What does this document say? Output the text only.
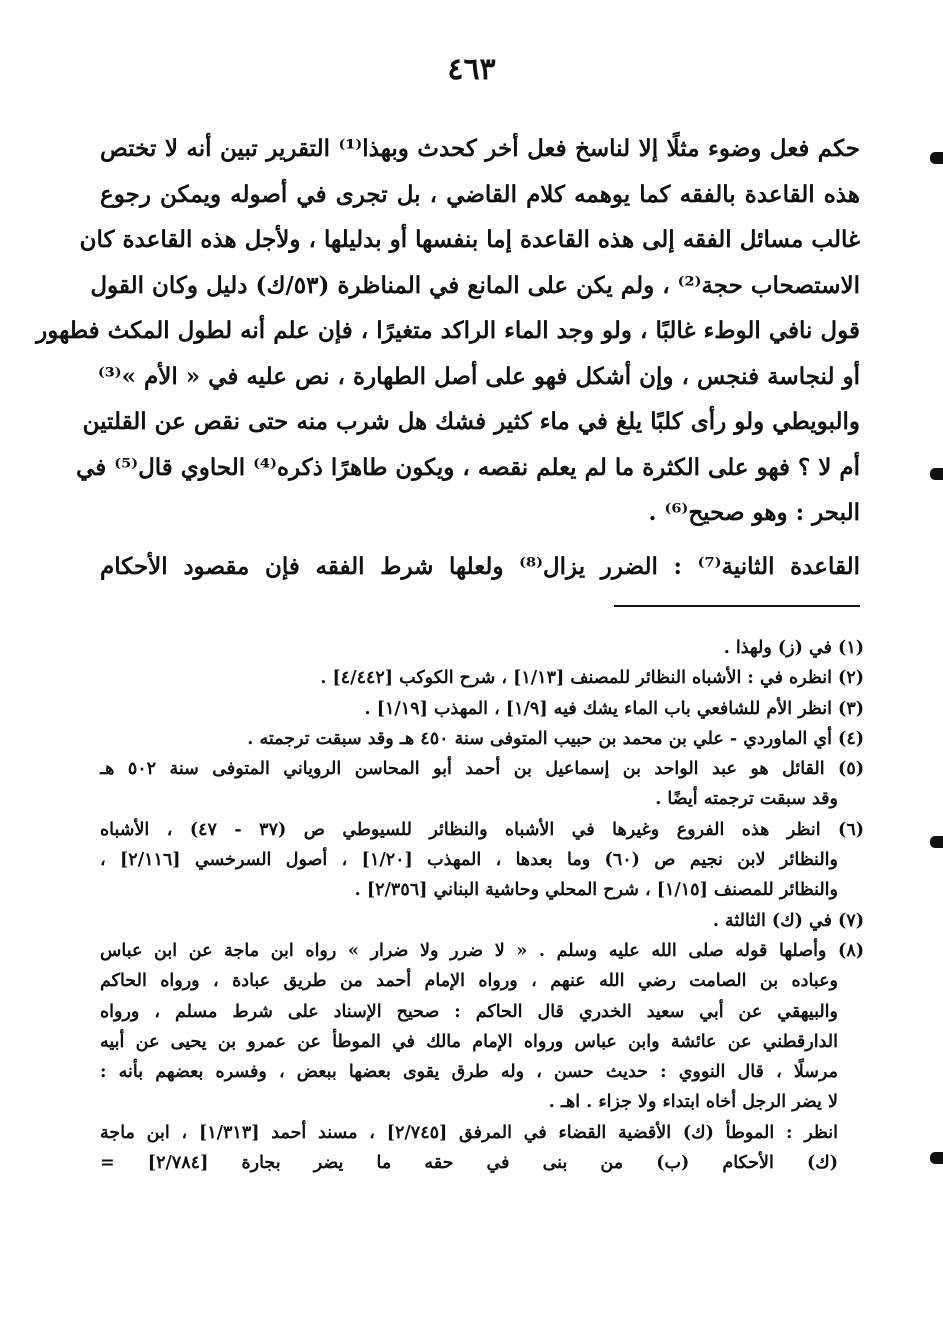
٤٦٣
حكم فعل وضوء مثلًا إلا لناسخ فعل أخر كحدث وبهذا⁽¹⁾ التقرير تبين أنه لا تختص
هذه القاعدة بالفقه كما يوهمه كلام القاضي ، بل تجرى في أصوله ويمكن رجوع
غالب مسائل الفقه إلى هذه القاعدة إما بنفسها أو بدليلها ، ولأجل هذه القاعدة كان
الاستصحاب حجة⁽²⁾ ، ولم يكن على المانع في المناظرة (٥٣/ك) دليل وكان القول
قول نافي الوطء غالبًا ، ولو وجد الماء الراكد متغيرًا ، فإن علم أنه لطول المكث فطهور
أو لنجاسة فنجس ، وإن أشكل فهو على أصل الطهارة ، نص عليه في « الأم »⁽³⁾
والبويطي ولو رأى كلبًا يلغ في ماء كثير فشك هل شرب منه حتى نقص عن القلتين
أم لا ؟ فهو على الكثرة ما لم يعلم نقصه ، ويكون طاهرًا ذكره⁽⁴⁾ الحاوي قال⁽⁵⁾ في
البحر : وهو صحيح⁽⁶⁾ .
القاعدة الثانية⁽⁷⁾ : الضرر يزال⁽⁸⁾ ولعلها شرط الفقه فإن مقصود الأحكام
(١) في (ز) ولهذا .
(٢) انظره في : الأشباه النظائر للمصنف [١/١٣] ، شرح الكوكب [٤/٤٤٢] .
(٣) انظر الأم للشافعي باب الماء يشك فيه [١/٩] ، المهذب [١/١٩] .
(٤) أي الماوردي - علي بن محمد بن حبيب المتوفى سنة ٤٥٠ هـ وقد سبقت ترجمته .
(٥) القائل هو عبد الواحد بن إسماعيل بن أحمد أبو المحاسن الروياني المتوفى سنة ٥٠٢ هـ
وقد سبقت ترجمته أيضًا .
(٦) انظر هذه الفروع وغيرها في الأشباه والنظائر للسيوطي ص (٣٧ - ٤٧) ، الأشباه
والنظائر لابن نجيم ص (٦٠) وما بعدها ، المهذب [١/٢٠] ، أصول السرخسي [٢/١١٦] ،
والنظائر للمصنف [١/١٥] ، شرح المحلي وحاشية البناني [٢/٣٥٦] .
(٧) في (ك) الثالثة .
(٨) وأصلها قوله صلى الله عليه وسلم . « لا ضرر ولا ضرار » رواه ابن ماجة عن ابن عباس
وعباده بن الصامت رضي الله عنهم ، ورواه الإمام أحمد من طريق عبادة ، ورواه الحاكم
والبيهقي عن أبي سعيد الخدري قال الحاكم : صحيح الإسناد على شرط مسلم ، ورواه
الدارقطني عن عائشة وابن عباس ورواه الإمام مالك في الموطأ عن عمرو بن يحيى عن أبيه
مرسلًا ، قال النووي : حديث حسن ، وله طرق يقوى بعضها ببعض ، وفسره بعضهم بأنه :
لا يضر الرجل أخاه ابتداء ولا جزاء . اهـ .
انظر : الموطأ (ك) الأقضية القضاء في المرفق [٢/٧٤٥] ، مسند أحمد [١/٣١٣] ، ابن ماجة
(ك) الأحكام (ب) من بنى في حقه ما يضر بجارة [٢/٧٨٤] =
